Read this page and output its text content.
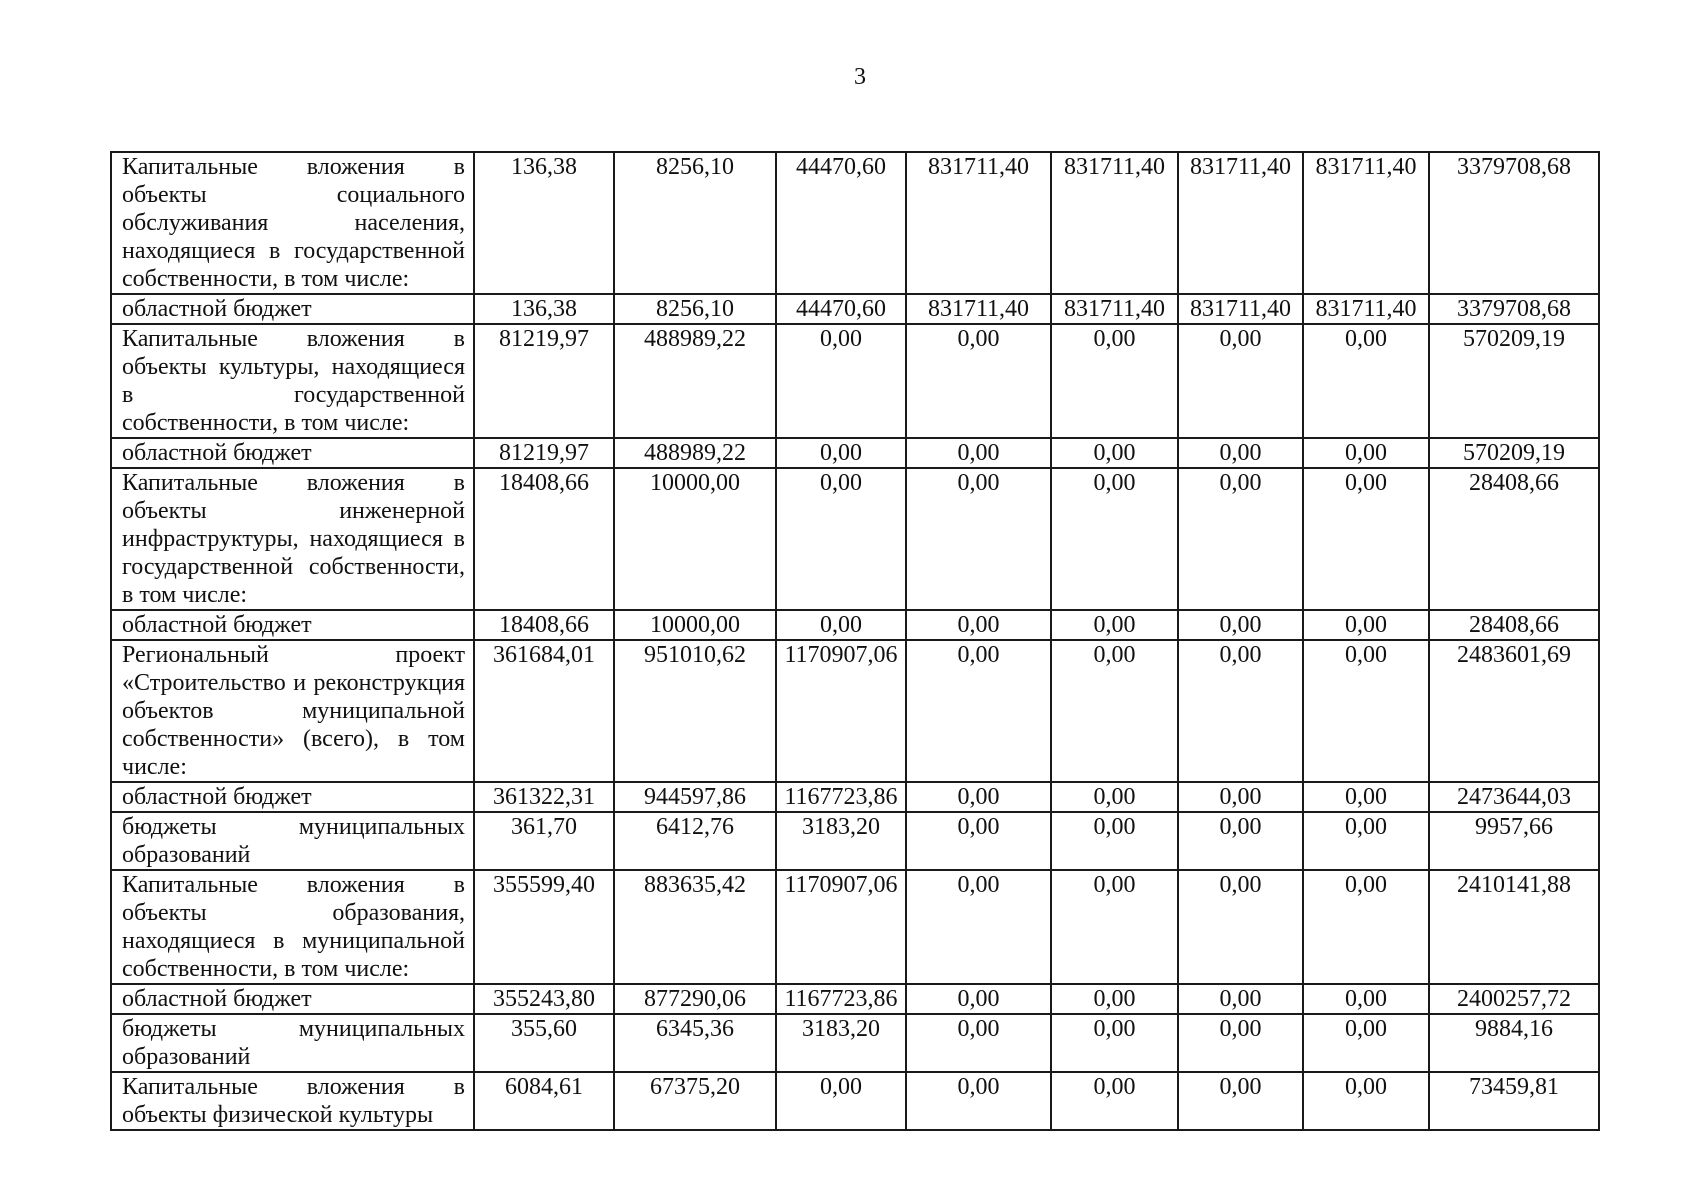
3
Капитальные вложения в объекты социального обслуживания населения, находящиеся в государственной собственности, в том числе:	136,38	8256,10	44470,60	831711,40	831711,40	831711,40	831711,40	3379708,68
областной бюджет	136,38	8256,10	44470,60	831711,40	831711,40	831711,40	831711,40	3379708,68
Капитальные вложения в объекты культуры, находящиеся в государственной собственности, в том числе:	81219,97	488989,22	0,00	0,00	0,00	0,00	0,00	570209,19
областной бюджет	81219,97	488989,22	0,00	0,00	0,00	0,00	0,00	570209,19
Капитальные вложения в объекты инженерной инфраструктуры, находящиеся в государственной собственности, в том числе:	18408,66	10000,00	0,00	0,00	0,00	0,00	0,00	28408,66
областной бюджет	18408,66	10000,00	0,00	0,00	0,00	0,00	0,00	28408,66
Региональный проект «Строительство и реконструкция объектов муниципальной собственности» (всего), в том числе:	361684,01	951010,62	1170907,06	0,00	0,00	0,00	0,00	2483601,69
областной бюджет	361322,31	944597,86	1167723,86	0,00	0,00	0,00	0,00	2473644,03
бюджеты муниципальных образований	361,70	6412,76	3183,20	0,00	0,00	0,00	0,00	9957,66
Капитальные вложения в объекты образования, находящиеся в муниципальной собственности, в том числе:	355599,40	883635,42	1170907,06	0,00	0,00	0,00	0,00	2410141,88
областной бюджет	355243,80	877290,06	1167723,86	0,00	0,00	0,00	0,00	2400257,72
бюджеты муниципальных образований	355,60	6345,36	3183,20	0,00	0,00	0,00	0,00	9884,16
Капитальные вложения в объекты физической культуры	6084,61	67375,20	0,00	0,00	0,00	0,00	0,00	73459,81
